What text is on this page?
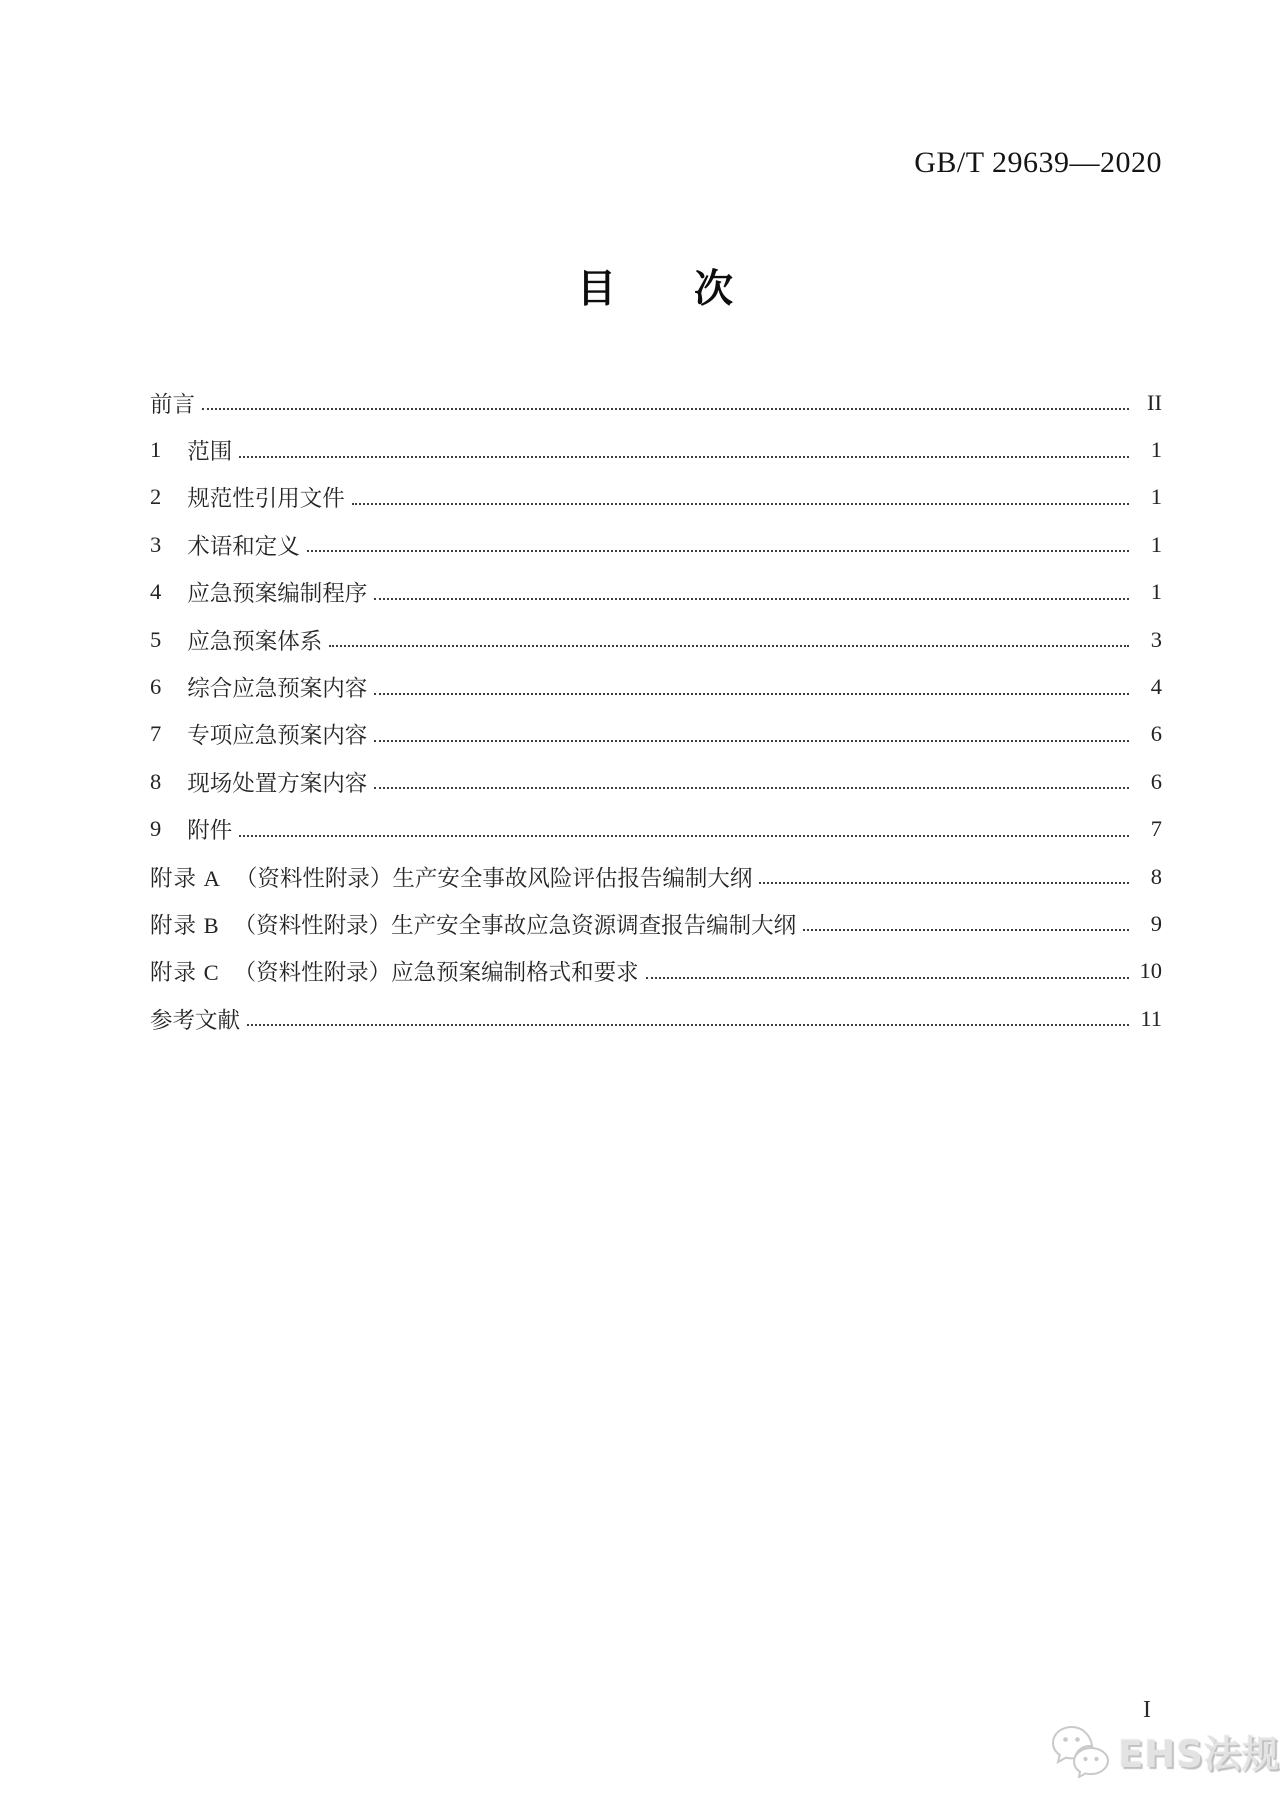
GB/T 29639—2020
目　　次
前言	II
1 范围	1
2 规范性引用文件	1
3 术语和定义	1
4 应急预案编制程序	1
5 应急预案体系	3
6 综合应急预案内容	4
7 专项应急预案内容	6
8 现场处置方案内容	6
9 附件	7
附录 A （资料性附录）生产安全事故风险评估报告编制大纲	8
附录 B （资料性附录）生产安全事故应急资源调查报告编制大纲	9
附录 C （资料性附录）应急预案编制格式和要求	10
参考文献	11
I
EHS法规
